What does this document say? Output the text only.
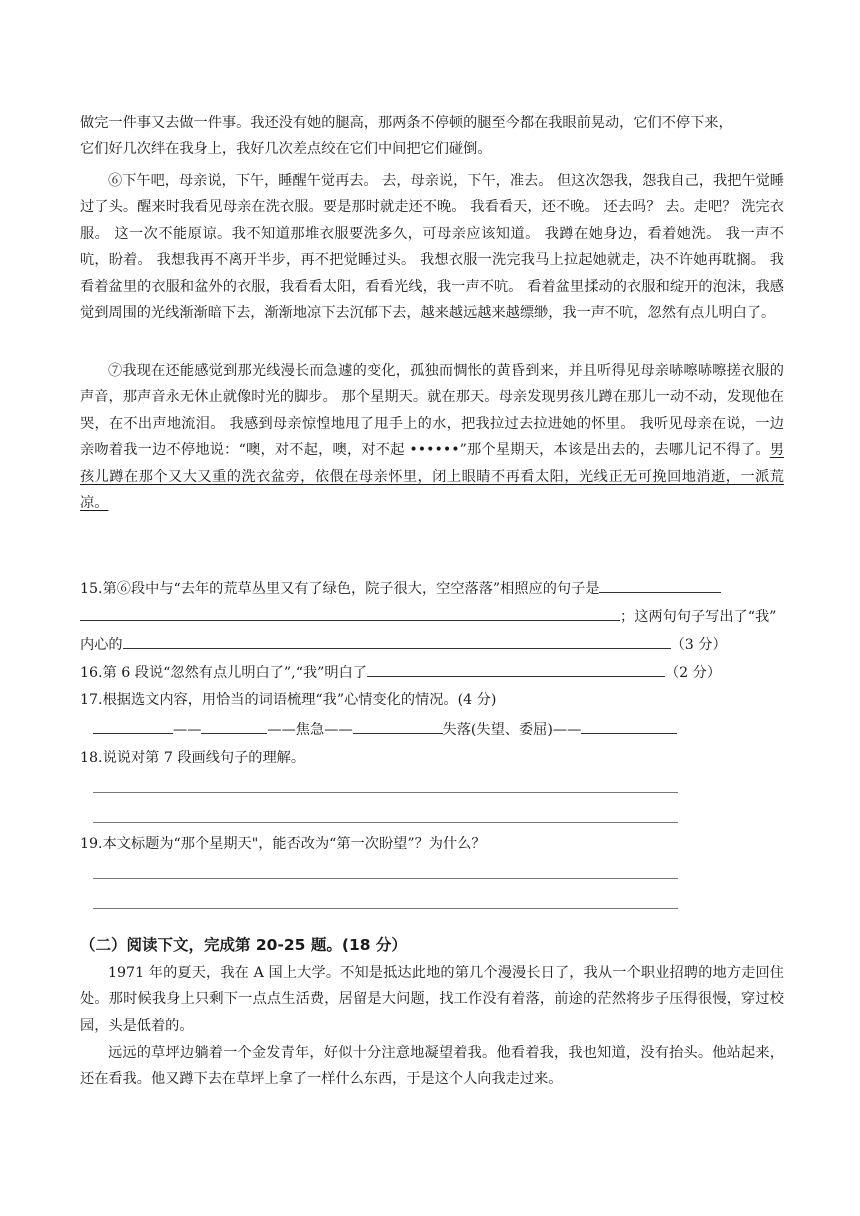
做完一件事又去做一件事。我还没有她的腿高，那两条不停顿的腿至今都在我眼前晃动，它们不停下来，
它们好几次绊在我身上，我好几次差点绞在它们中间把它们碰倒。

⑥下午吧，母亲说，下午，睡醒午觉再去。 去，母亲说，下午，准去。 但这次怨我，怨我自己，我把午觉睡过了头。醒来时我看见母亲在洗衣服。要是那时就走还不晚。 我看看天，还不晚。 还去吗？ 去。走吧？ 洗完衣服。 这一次不能原谅。我不知道那堆衣服要洗多久，可母亲应该知道。 我蹲在她身边，看着她洗。 我一声不吭，盼着。 我想我再不离开半步，再不把觉睡过头。 我想衣服一洗完我马上拉起她就走，决不许她再耽搁。 我看着盆里的衣服和盆外的衣服，我看看太阳，看看光线，我一声不吭。 看着盆里揉动的衣服和绽开的泡沫，我感觉到周围的光线渐渐暗下去，渐渐地凉下去沉郁下去，越来越远越来越缥缈，我一声不吭，忽然有点儿明白了。

⑦我现在还能感觉到那光线漫长而急遽的变化，孤独而惆怅的黄昏到来，并且听得见母亲哧嚓哧嚓搓衣服的声音，那声音永无休止就像时光的脚步。 那个星期天。就在那天。母亲发现男孩儿蹲在那儿一动不动，发现他在哭，在不出声地流泪。 我感到母亲惊惶地甩了甩手上的水，把我拉过去拉进她的怀里。 我听见母亲在说，一边亲吻着我一边不停地说：“噢，对不起，噢，对不起 ••••••”那个星期天，本该是出去的，去哪儿记不得了。男孩儿蹲在那个又大又重的洗衣盆旁，依偎在母亲怀里，闭上眼睛不再看太阳，光线正无可挽回地消逝，一派荒凉。

15.第⑥段中与“去年的荒草丛里又有了绿色，院子很大，空空落落”相照应的句子是

；这两句句子写出了“我”

内心的	（3 分）

16.第 6 段说“忽然有点儿明白了”,“我”明白了	（2 分）

17.根据选文内容，用恰当的词语梳理“我”心情变化的情况。(4 分)

——	——焦急——	失落(失望、委屈)——

18.说说对第 7 段画线句子的理解。

19.本文标题为“那个星期天"，能否改为“第一次盼望”？为什么？

（二）阅读下文，完成第 20-25 题。(18 分）

1971 年的夏天，我在 A 国上大学。不知是抵达此地的第几个漫漫长日了，我从一个职业招聘的地方走回住处。那时候我身上只剩下一点点生活费，居留是大问题，找工作没有着落，前途的茫然将步子压得很慢，穿过校园，头是低着的。

远远的草坪边躺着一个金发青年，好似十分注意地凝望着我。他看着我，我也知道，没有抬头。他站起来，还在看我。他又蹲下去在草坪上拿了一样什么东西，于是这个人向我走过来。
